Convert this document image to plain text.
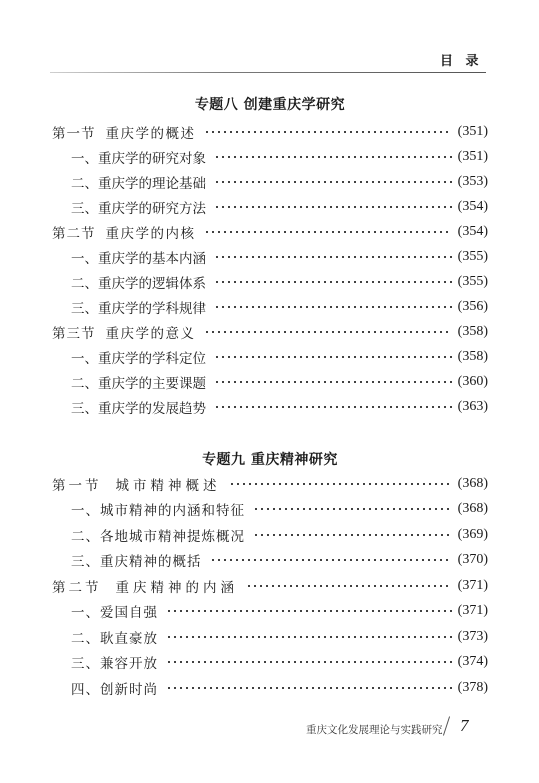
目 录
专题八 创建重庆学研究
第一节 重庆学的概述	(351)
一、重庆学的研究对象	(351)
二、重庆学的理论基础	(353)
三、重庆学的研究方法	(354)
第二节 重庆学的内核	(354)
一、重庆学的基本内涵	(355)
二、重庆学的逻辑体系	(355)
三、重庆学的学科规律	(356)
第三节 重庆学的意义	(358)
一、重庆学的学科定位	(358)
二、重庆学的主要课题	(360)
三、重庆学的发展趋势	(363)
专题九 重庆精神研究
第一节 城市精神概述	(368)
一、城市精神的内涵和特征	(368)
二、各地城市精神提炼概况	(369)
三、重庆精神的概括	(370)
第二节 重庆精神的内涵	(371)
一、爱国自强	(371)
二、耿直豪放	(373)
三、兼容开放	(374)
四、创新时尚	(378)
重庆文化发展理论与实践研究 7
